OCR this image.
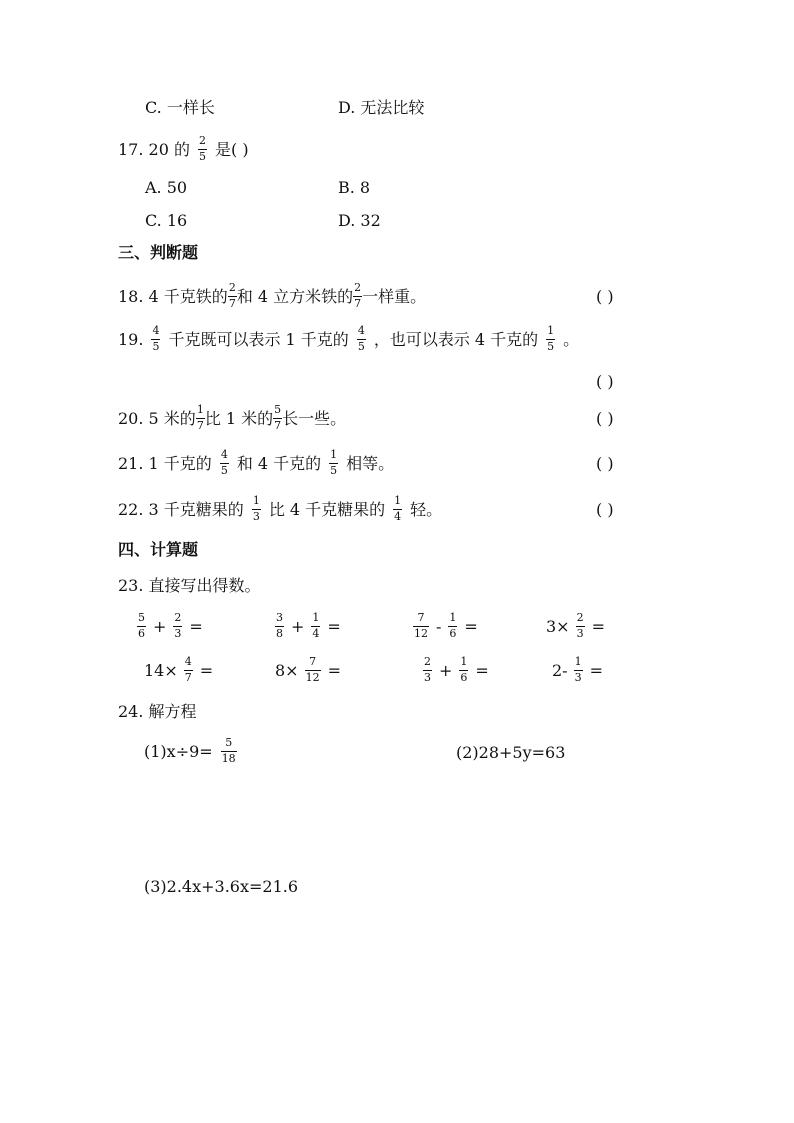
C. 一样长	D. 无法比较
17. 20 的 $\frac{2}{5}$ 是( )
A. 50	B. 8
C. 16	D. 32
三、判断题
18. 4 千克铁的 $\frac{2}{7}$ 和 4 立方米铁的 $\frac{2}{7}$ 一样重。	( )
19. $\frac{4}{5}$ 千克既可以表示 1 千克的 $\frac{4}{5}$ ，也可以表示 4 千克的 $\frac{1}{5}$ 。
( )
20. 5 米的 $\frac{1}{7}$ 比 1 米的 $\frac{5}{7}$ 长一些。	( )
21. 1 千克的 $\frac{4}{5}$ 和 4 千克的 $\frac{1}{5}$ 相等。	( )
22. 3 千克糖果的 $\frac{1}{3}$ 比 4 千克糖果的 $\frac{1}{4}$ 轻。	( )
四、计算题
23. 直接写出得数。
$\frac{5}{6} + \frac{2}{3}$ =	$\frac{3}{8} + \frac{1}{4}$ =	$\frac{7}{12} - \frac{1}{6}$ =	$3\times \frac{2}{3}$ =
$14\times \frac{4}{7}$ =	$8\times \frac{7}{12}$ =	$\frac{2}{3} + \frac{1}{6}$ =	$2- \frac{1}{3}$ =
24. 解方程
$(1)x\div 9= \frac{5}{18}$	(2)28+5y=63
(3)2.4x+3.6x=21.6
